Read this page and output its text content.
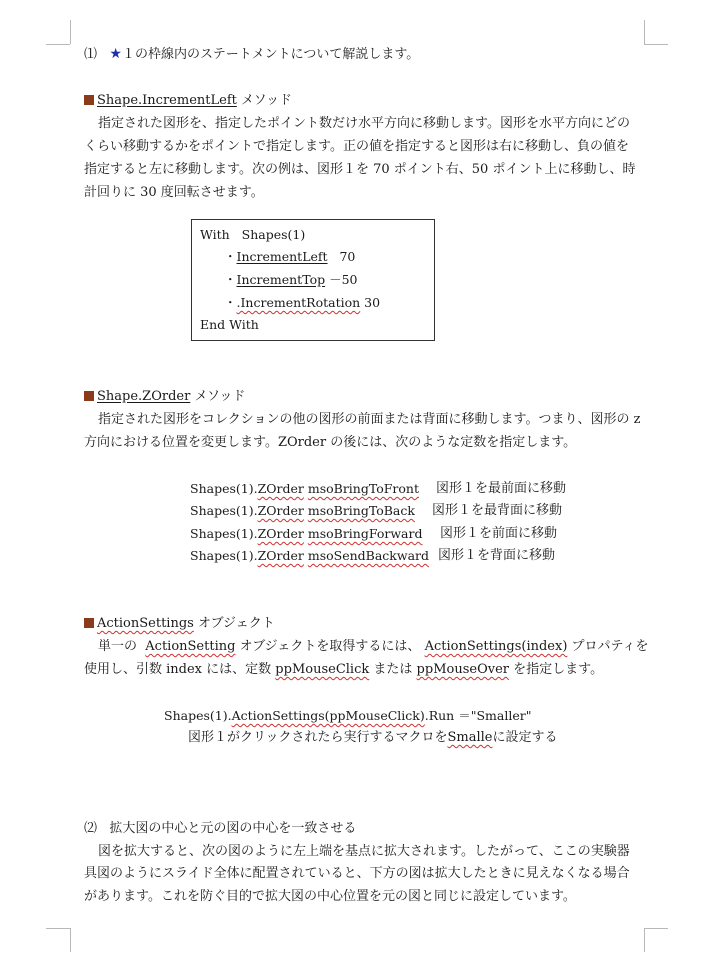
⑴ ★１の枠線内のステートメントについて解説します。
Shape.IncrementLeft メソッド
指定された図形を、指定したポイント数だけ水平方向に移動します。図形を水平方向にどの
くらい移動するかをポイントで指定します。正の値を指定すると図形は右に移動し、負の値を
指定すると左に移動します。次の例は、図形１を 70 ポイント右、50 ポイント上に移動し、時
計回りに 30 度回転させます。
With Shapes(1)
・IncrementLeft 70
・IncrementTop －50
・.IncrementRotation 30
End With
Shape.ZOrder メソッド
指定された図形をコレクションの他の図形の前面または背面に移動します。つまり、図形の z
方向における位置を変更します。ZOrder の後には、次のような定数を指定します。
Shapes(1).ZOrder msoBringToFront 図形１を最前面に移動
Shapes(1).ZOrder msoBringToBack 図形１を最背面に移動
Shapes(1).ZOrder msoBringForward 図形１を前面に移動
Shapes(1).ZOrder msoSendBackward 図形１を背面に移動
ActionSettings オブジェクト
単一の ActionSetting オブジェクトを取得するには、 ActionSettings(index) プロパティを
使用し、引数 index には、定数 ppMouseClick または ppMouseOver を指定します。
Shapes(1).ActionSettings(ppMouseClick).Run ＝"Smaller"
図形１がクリックされたら実行するマクロをSmalleに設定する
⑵ 拡大図の中心と元の図の中心を一致させる
図を拡大すると、次の図のように左上端を基点に拡大されます。したがって、ここの実験器
具図のようにスライド全体に配置されていると、下方の図は拡大したときに見えなくなる場合
があります。これを防ぐ目的で拡大図の中心位置を元の図と同じに設定しています。
